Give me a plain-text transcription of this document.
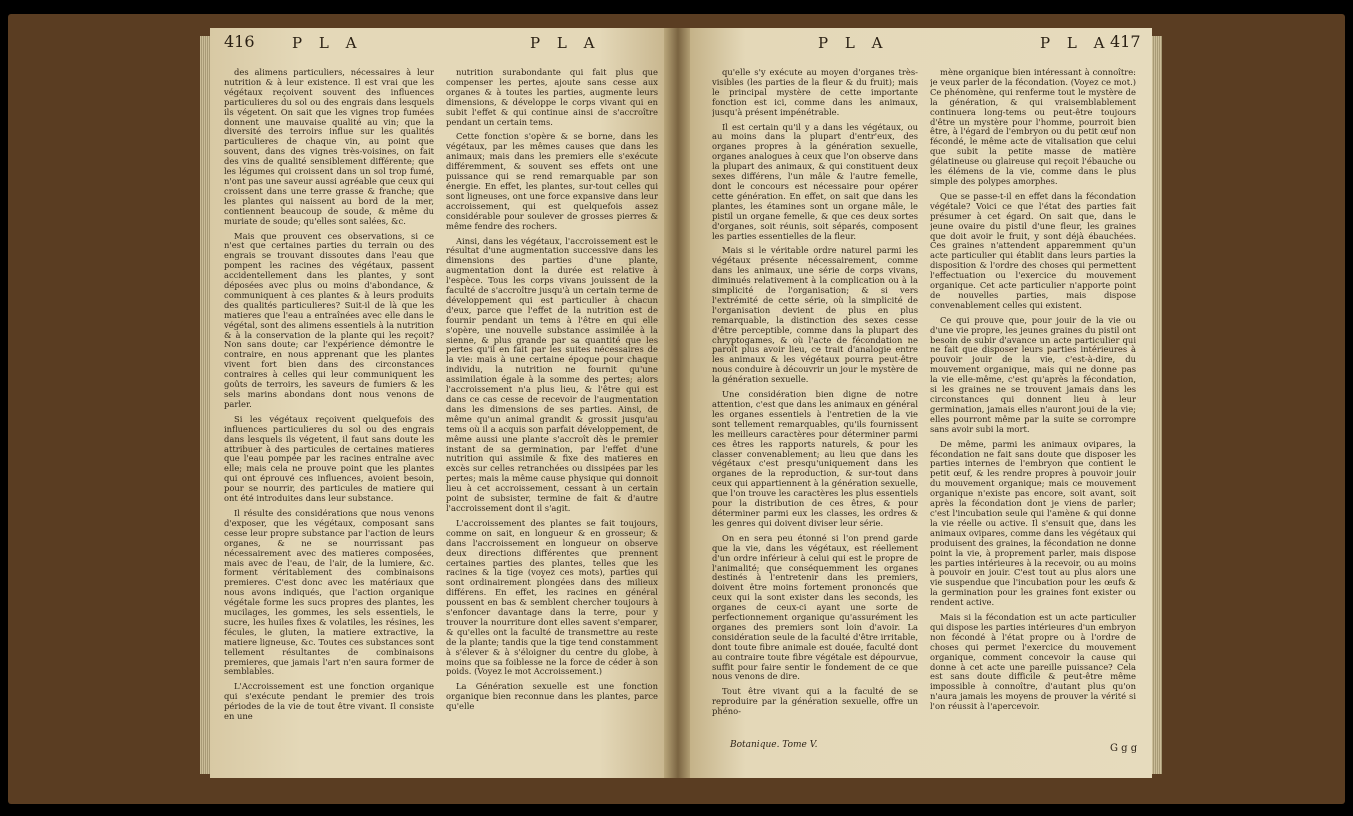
416 P L A	P L A

des alimens particuliers, nécessaires à leur nutrition & à leur existence. Il est vrai que les végétaux reçoivent souvent des influences particulieres du sol ou des engrais dans lesquels ils végetent. On sait que les vignes trop fumées donnent une mauvaise qualité au vin; que la diversité des terroirs influe sur les qualités particulieres de chaque vin, au point que souvent, dans des vignes très-voisines, on fait des vins de qualité sensiblement différente; que les légumes qui croissent dans un sol trop fumé, n'ont pas une saveur aussi agréable que ceux qui croissent dans une terre grasse & franche; que les plantes qui naissent au bord de la mer, contiennent beaucoup de soude, & même du muriate de soude; qu'elles sont salées, &c.

Mais que prouvent ces observations, si ce n'est que certaines parties du terrain ou des engrais se trouvant dissoutes dans l'eau que pompent les racines des végétaux, passent accidentellement dans les plantes, y sont déposées avec plus ou moins d'abondance, & communiquent à ces plantes & à leurs produits des qualités particulieres? Suit-il de là que les matieres que l'eau a entraînées avec elle dans le végétal, sont des alimens essentiels à la nutrition & à la conservation de la plante qui les reçoit? Non sans doute; car l'expérience démontre le contraire, en nous apprenant que les plantes vivent fort bien dans des circonstances contraires à celles qui leur communiquent les goûts de terroirs, les saveurs de fumiers & les sels marins abondans dont nous venons de parler.

Si les végétaux reçoivent quelquefois des influences particulieres du sol ou des engrais dans lesquels ils végetent, il faut sans doute les attribuer à des particules de certaines matieres que l'eau pompée par les racines entraîne avec elle; mais cela ne prouve point que les plantes qui ont éprouvé ces influences, avoient besoin, pour se nourrir, des particules de matiere qui ont été introduites dans leur substance.

Il résulte des considérations que nous venons d'exposer, que les végétaux, composant sans cesse leur propre substance par l'action de leurs organes, & ne se nourrissant pas nécessairement avec des matieres composées, mais avec de l'eau, de l'air, de la lumiere, &c. forment véritablement des combinaisons premieres. C'est donc avec les matériaux que nous avons indiqués, que l'action organique végétale forme les sucs propres des plantes, les mucilages, les gommes, les sels essentiels, le sucre, les huiles fixes & volatiles, les résines, les fécules, le gluten, la matiere extractive, la matiere ligneuse, &c. Toutes ces substances sont tellement résultantes de combinaisons premieres, que jamais l'art n'en saura former de semblables.

L'Accroissement est une fonction organique qui s'exécute pendant le premier des trois périodes de la vie de tout être vivant. Il consiste en une

nutrition surabondante qui fait plus que compenser les pertes, ajoute sans cesse aux organes & à toutes les parties, augmente leurs dimensions, & développe le corps vivant qui en subit l'effet & qui continue ainsi de s'accroître pendant un certain tems.

Cette fonction s'opère & se borne, dans les végétaux, par les mêmes causes que dans les animaux; mais dans les premiers elle s'exécute différemment, & souvent ses effets ont une puissance qui se rend remarquable par son énergie. En effet, les plantes, sur-tout celles qui sont ligneuses, ont une force expansive dans leur accroissement, qui est quelquefois assez considérable pour soulever de grosses pierres & même fendre des rochers.

Ainsi, dans les végétaux, l'accroissement est le résultat d'une augmentation successive dans les dimensions des parties d'une plante, augmentation dont la durée est relative à l'espèce. Tous les corps vivans jouissent de la faculté de s'accroître jusqu'à un certain terme de développement qui est particulier à chacun d'eux, parce que l'effet de la nutrition est de fournir pendant un tems à l'être en qui elle s'opère, une nouvelle substance assimilée à la sienne, & plus grande par sa quantité que les pertes qu'il en fait par les suites nécessaires de la vie: mais à une certaine époque pour chaque individu, la nutrition ne fournit qu'une assimilation égale à la somme des pertes; alors l'accroissement n'a plus lieu, & l'être qui est dans ce cas cesse de recevoir de l'augmentation dans les dimensions de ses parties. Ainsi, de même qu'un animal grandit & grossit jusqu'au tems où il a acquis son parfait développement, de même aussi une plante s'accroît dès le premier instant de sa germination, par l'effet d'une nutrition qui assimile & fixe des matieres en excès sur celles retranchées ou dissipées par les pertes; mais la même cause physique qui donnoit lieu à cet accroissement, cessant à un certain point de subsister, termine de fait & d'autre l'accroissement dont il s'agit.

L'accroissement des plantes se fait toujours, comme on sait, en longueur & en grosseur; & dans l'accroissement en longueur on observe deux directions différentes que prennent certaines parties des plantes, telles que les racines & la tige (voyez ces mots), parties qui sont ordinairement plongées dans des milieux différens. En effet, les racines en général poussent en bas & semblent chercher toujours à s'enfoncer davantage dans la terre, pour y trouver la nourriture dont elles savent s'emparer, & qu'elles ont la faculté de transmettre au reste de la plante; tandis que la tige tend constamment à s'élever & à s'éloigner du centre du globe, à moins que sa foiblesse ne la force de céder à son poids. (Voyez le mot Accroissement.)

La Génération sexuelle est une fonction organique bien reconnue dans les plantes, parce qu'elle

P L A	P L A 417

qu'elle s'y exécute au moyen d'organes très-visibles (les parties de la fleur & du fruit); mais le principal mystère de cette importante fonction est ici, comme dans les animaux, jusqu'à présent impénétrable.

Il est certain qu'il y a dans les végétaux, ou au moins dans la plupart d'entr'eux, des organes propres à la génération sexuelle, organes analogues à ceux que l'on observe dans la plupart des animaux, & qui constituent deux sexes différens, l'un mâle & l'autre femelle, dont le concours est nécessaire pour opérer cette génération. En effet, on sait que dans les plantes, les étamines sont un organe mâle, le pistil un organe femelle, & que ces deux sortes d'organes, soit réunis, soit séparés, composent les parties essentielles de la fleur.

Mais si le véritable ordre naturel parmi les végétaux présente nécessairement, comme dans les animaux, une série de corps vivans, diminués relativement à la complication ou à la simplicité de l'organisation; & si vers l'extrémité de cette série, où la simplicité de l'organisation devient de plus en plus remarquable, la distinction des sexes cesse d'être perceptible, comme dans la plupart des chryptogames, & où l'acte de fécondation ne paroît plus avoir lieu, ce trait d'analogie entre les animaux & les végétaux pourra peut-être nous conduire à découvrir un jour le mystère de la génération sexuelle.

Une considération bien digne de notre attention, c'est que dans les animaux en général les organes essentiels à l'entretien de la vie sont tellement remarquables, qu'ils fournissent les meilleurs caractères pour déterminer parmi ces êtres les rapports naturels, & pour les classer convenablement; au lieu que dans les végétaux c'est presqu'uniquement dans les organes de la reproduction, & sur-tout dans ceux qui appartiennent à la génération sexuelle, que l'on trouve les caractères les plus essentiels pour la distribution de ces êtres, & pour déterminer parmi eux les classes, les ordres & les genres qui doivent diviser leur série.

On en sera peu étonné si l'on prend garde que la vie, dans les végétaux, est réellement d'un ordre inférieur à celui qui est le propre de l'animalité; que conséquemment les organes destinés à l'entretenir dans les premiers, doivent être moins fortement prononcés que ceux qui la sont exister dans les seconds, les organes de ceux-ci ayant une sorte de perfectionnement organique qu'assurément les organes des premiers sont loin d'avoir. La considération seule de la faculté d'être irritable, dont toute fibre animale est douée, faculté dont au contraire toute fibre végétale est dépourvue, suffit pour faire sentir le fondement de ce que nous venons de dire.

Tout être vivant qui a la faculté de se reproduire par la génération sexuelle, offre un phéno-

mène organique bien intéressant à connoître: je veux parler de la fécondation. (Voyez ce mot.) Ce phénomène, qui renferme tout le mystère de la génération, & qui vraisemblablement continuera long-tems ou peut-être toujours d'être un mystère pour l'homme, pourroit bien être, à l'égard de l'embryon ou du petit œuf non fécondé, le même acte de vitalisation que celui que subit la petite masse de matière gélatineuse ou glaireuse qui reçoit l'ébauche ou les élémens de la vie, comme dans le plus simple des polypes amorphes.

Que se passe-t-il en effet dans la fécondation végétale? Voici ce que l'état des parties fait présumer à cet égard. On sait que, dans le jeune ovaire du pistil d'une fleur, les graines que doit avoir le fruit, y sont déjà ébauchées. Ces graines n'attendent apparemment qu'un acte particulier qui établit dans leurs parties la disposition & l'ordre des choses qui permettent l'effectuation ou l'exercice du mouvement organique. Cet acte particulier n'apporte point de nouvelles parties, mais dispose convenablement celles qui existent.

Ce qui prouve que, pour jouir de la vie ou d'une vie propre, les jeunes graines du pistil ont besoin de subir d'avance un acte particulier qui ne fait que disposer leurs parties intérieures à pouvoir jouir de la vie, c'est-à-dire, du mouvement organique, mais qui ne donne pas la vie elle-même, c'est qu'après la fécondation, si les graines ne se trouvent jamais dans les circonstances qui donnent lieu à leur germination, jamais elles n'auront joui de la vie; elles pourront même par la suite se corrompre sans avoir subi la mort.

De même, parmi les animaux ovipares, la fécondation ne fait sans doute que disposer les parties internes de l'embryon que contient le petit œuf, & les rendre propres à pouvoir jouir du mouvement organique; mais ce mouvement organique n'existe pas encore, soit avant, soit après la fécondation dont je viens de parler; c'est l'incubation seule qui l'amène & qui donne la vie réelle ou active. Il s'ensuit que, dans les animaux ovipares, comme dans les végétaux qui produisent des graines, la fécondation ne donne point la vie, à proprement parler, mais dispose les parties intérieures à la recevoir, ou au moins à pouvoir en jouir. C'est tout au plus alors une vie suspendue que l'incubation pour les œufs & la germination pour les graines font exister ou rendent active.

Mais si la fécondation est un acte particulier qui dispose les parties intérieures d'un embryon non fécondé à l'état propre ou à l'ordre de choses qui permet l'exercice du mouvement organique, comment concevoir la cause qui donne à cet acte une pareille puissance? Cela est sans doute difficile & peut-être même impossible à connoître, d'autant plus qu'on n'aura jamais les moyens de prouver la vérité si l'on réussit à l'apercevoir.

Botanique. Tome V.	G g g
